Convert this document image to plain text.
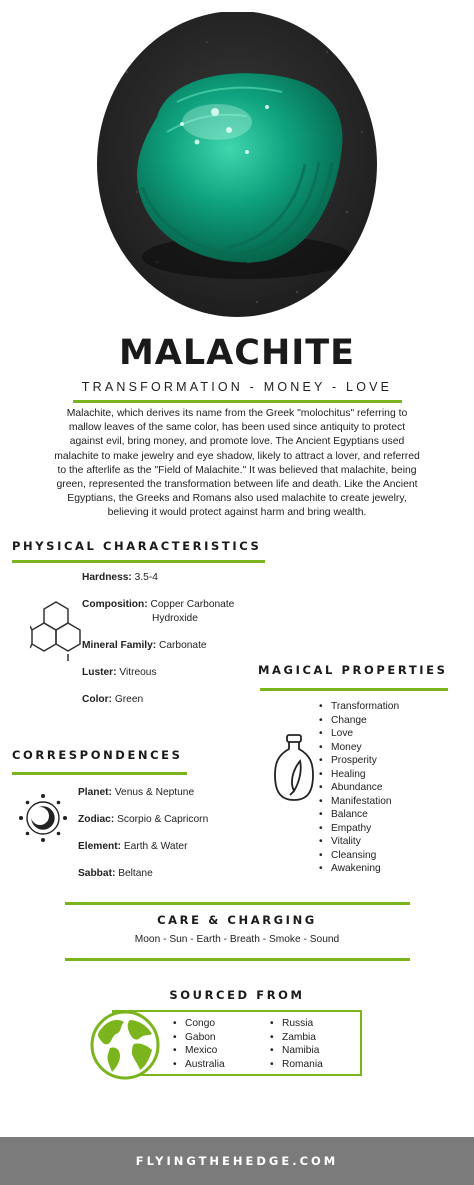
MALACHITE
TRANSFORMATION - MONEY - LOVE
Malachite, which derives its name from the Greek "molochitus" referring to mallow leaves of the same color, has been used since antiquity to protect against evil, bring money, and promote love. The Ancient Egyptians used malachite to make jewelry and eye shadow, likely to attract a lover, and referred to the afterlife as the "Field of Malachite." It was believed that malachite, being green, represented the transformation between life and death. Like the Ancient Egyptians, the Greeks and Romans also used malachite to create jewelry, believing it would protect against harm and bring wealth.
PHYSICAL CHARACTERISTICS
Hardness: 3.5-4
Composition: Copper Carbonate
Hydroxide
Mineral Family: Carbonate
Luster: Vitreous
Color: Green
MAGICAL PROPERTIES
• Transformation
• Change
• Love
• Money
• Prosperity
• Healing
• Abundance
• Manifestation
• Balance
• Empathy
• Vitality
• Cleansing
• Awakening
CORRESPONDENCES
Planet: Venus & Neptune
Zodiac: Scorpio & Capricorn
Element: Earth & Water
Sabbat: Beltane
CARE & CHARGING
Moon - Sun - Earth - Breath - Smoke - Sound
SOURCED FROM
• Congo
• Gabon
• Mexico
• Australia
• Russia
• Zambia
• Namibia
• Romania
FLYINGTHEHEDGE.COM
